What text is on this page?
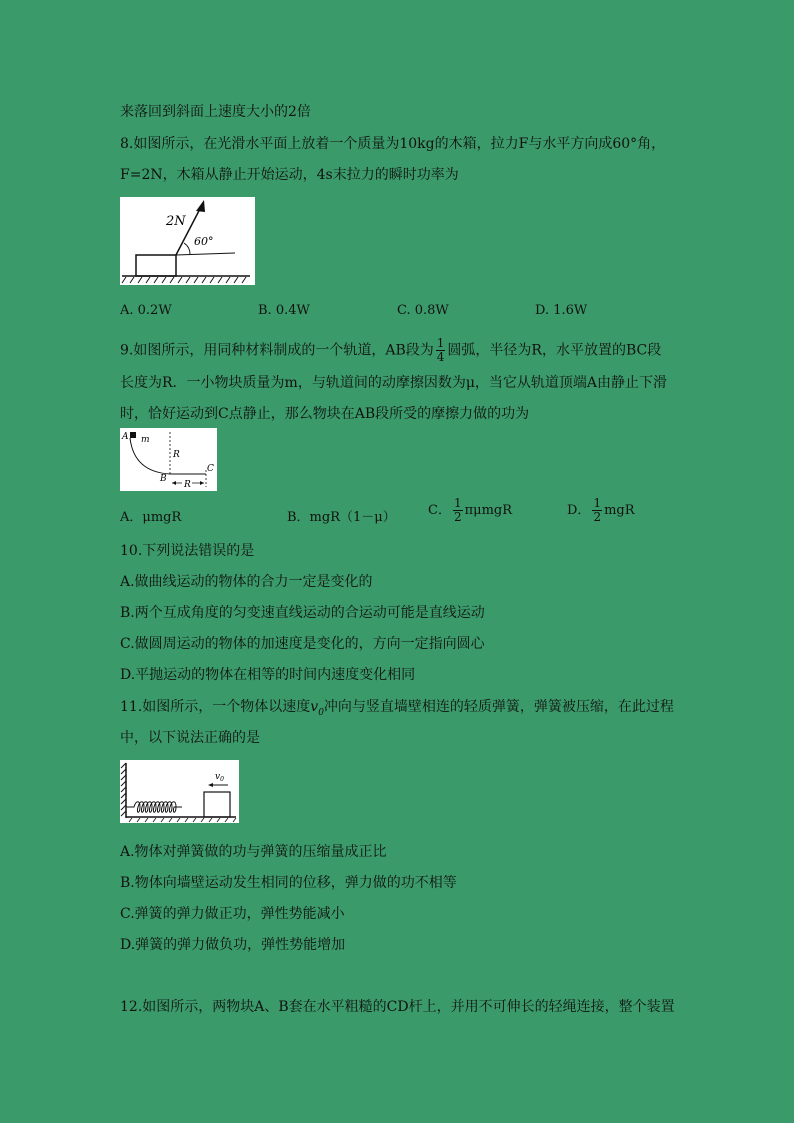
来落回到斜面上速度大小的2倍
8.如图所示，在光滑水平面上放着一个质量为10kg的木箱，拉力F与水平方向成60°角，
F=2N，木箱从静止开始运动，4s末拉力的瞬时功率为
2N
60°
A. 0.2W	B. 0.4W	C. 0.8W	D. 1.6W
9.如图所示，用同种材料制成的一个轨道，AB段为 $\frac{1}{4}$ 圆弧，半径为R，水平放置的BC段
长度为R．一小物块质量为m，与轨道间的动摩擦因数为μ，当它从轨道顶端A由静止下滑
时，恰好运动到C点静止，那么物块在AB段所受的摩擦力做的功为
A m
R
B
C
R
A．μmgR	B．mgR（1－μ） C． $\frac{1}{2}$ πμmgR	D． $\frac{1}{2}$ mgR
10.下列说法错误的是
A.做曲线运动的物体的合力一定是变化的
B.两个互成角度的匀变速直线运动的合运动可能是直线运动
C.做圆周运动的物体的加速度是变化的，方向一定指向圆心
D.平抛运动的物体在相等的时间内速度变化相同
11.如图所示，一个物体以速度$v_0$冲向与竖直墙壁相连的轻质弹簧，弹簧被压缩，在此过程
中，以下说法正确的是
$v_0$
A.物体对弹簧做的功与弹簧的压缩量成正比
B.物体向墙壁运动发生相同的位移，弹力做的功不相等
C.弹簧的弹力做正功，弹性势能减小
D.弹簧的弹力做负功，弹性势能增加
12.如图所示，两物块A、B套在水平粗糙的CD杆上，并用不可伸长的轻绳连接，整个装置
